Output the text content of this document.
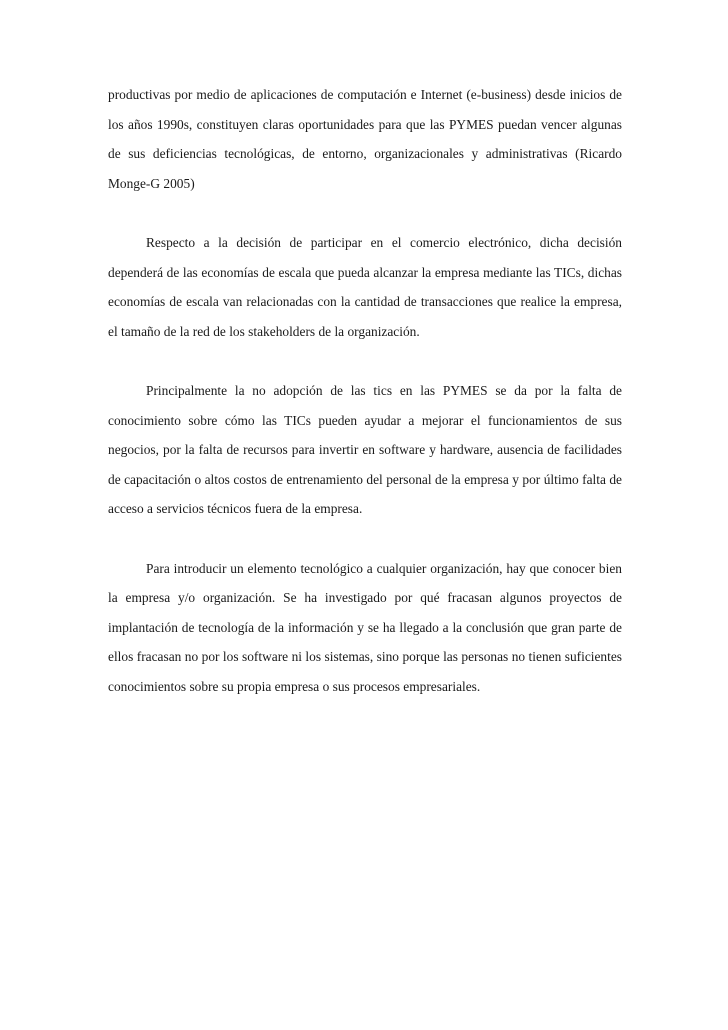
productivas por medio de aplicaciones de computación e Internet (e-business) desde inicios de los años 1990s, constituyen claras oportunidades para que las PYMES puedan vencer algunas de sus deficiencias tecnológicas, de entorno, organizacionales y administrativas (Ricardo Monge-G 2005)

Respecto a la decisión de participar en el comercio electrónico, dicha decisión dependerá de las economías de escala que pueda alcanzar la empresa mediante las TICs, dichas economías de escala van relacionadas con la cantidad de transacciones que realice la empresa, el tamaño de la red de los stakeholders de la organización.

Principalmente la no adopción de las tics en las PYMES se da por la falta de conocimiento sobre cómo las TICs pueden ayudar a mejorar el funcionamientos de sus negocios, por la falta de recursos para invertir en software y hardware, ausencia de facilidades de capacitación o altos costos de entrenamiento del personal de la empresa y por último falta de acceso a servicios técnicos fuera de la empresa.

Para introducir un elemento tecnológico a cualquier organización, hay que conocer bien la empresa y/o organización. Se ha investigado por qué fracasan algunos proyectos de implantación de tecnología de la información y se ha llegado a la conclusión que gran parte de ellos fracasan no por los software ni los sistemas, sino porque las personas no tienen suficientes conocimientos sobre su propia empresa o sus procesos empresariales.
